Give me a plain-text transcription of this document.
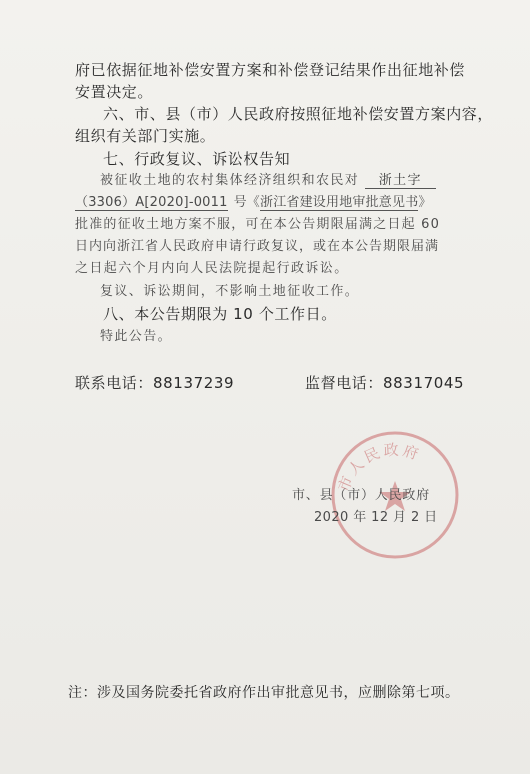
府已依据征地补偿安置方案和补偿登记结果作出征地补偿
安置决定。
六、市、县（市）人民政府按照征地补偿安置方案内容，
组织有关部门实施。
七、行政复议、诉讼权告知
被征收土地的农村集体经济组织和农民对 浙土字
（3306）A[2020]-0011 号《浙江省建设用地审批意见书》
批准的征收土地方案不服，可在本公告期限届满之日起 60
日内向浙江省人民政府申请行政复议，或在本公告期限届满
之日起六个月内向人民法院提起行政诉讼。
复议、诉讼期间，不影响土地征收工作。
八、本公告期限为 10 个工作日。
特此公告。
联系电话：88137239	监督电话：88317045
市人民政府
市、县（市）人民政府
2020 年 12 月 2 日
注：涉及国务院委托省政府作出审批意见书，应删除第七项。
